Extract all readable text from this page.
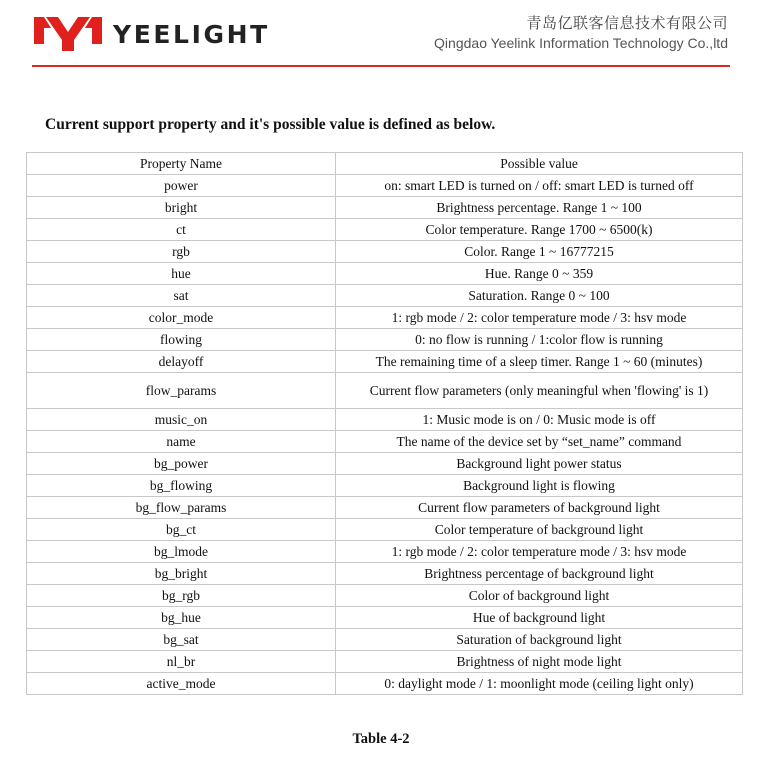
YEELIGHT	青岛亿联客信息技术有限公司
Qingdao Yeelink Information Technology Co.,ltd
Current support property and it's possible value is defined as below.
Property Name	Possible value
power	on: smart LED is turned on / off: smart LED is turned off
bright	Brightness percentage. Range 1 ~ 100
ct	Color temperature. Range 1700 ~ 6500(k)
rgb	Color. Range 1 ~ 16777215
hue	Hue. Range 0 ~ 359
sat	Saturation. Range 0 ~ 100
color_mode	1: rgb mode / 2: color temperature mode / 3: hsv mode
flowing	0: no flow is running / 1:color flow is running
delayoff	The remaining time of a sleep timer. Range 1 ~ 60 (minutes)
flow_params	Current flow parameters (only meaningful when 'flowing' is 1)
music_on	1: Music mode is on / 0: Music mode is off
name	The name of the device set by “set_name” command
bg_power	Background light power status
bg_flowing	Background light is flowing
bg_flow_params	Current flow parameters of background light
bg_ct	Color temperature of background light
bg_lmode	1: rgb mode / 2: color temperature mode / 3: hsv mode
bg_bright	Brightness percentage of background light
bg_rgb	Color of background light
bg_hue	Hue of background light
bg_sat	Saturation of background light
nl_br	Brightness of night mode light
active_mode	0: daylight mode / 1: moonlight mode (ceiling light only)
Table 4-2
